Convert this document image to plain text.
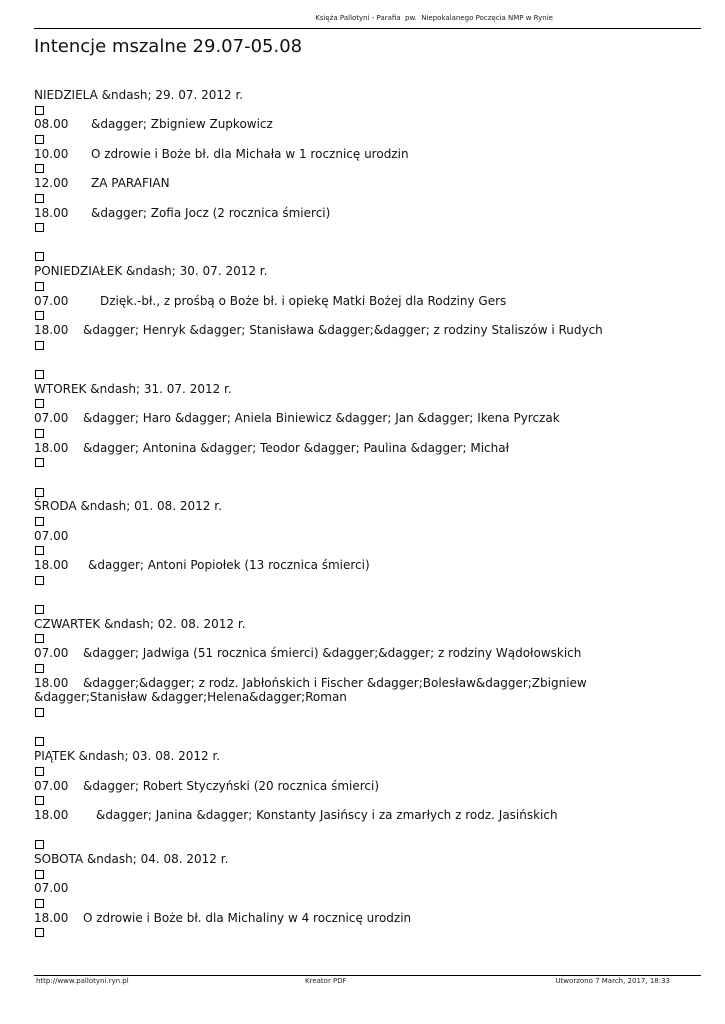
Księża Pallotyni - Parafia  pw.  Niepokalanego Poczęcia NMP w Rynie
Intencje mszalne 29.07-05.08
NIEDZIELA &ndash; 29. 07. 2012 r.
08.00 &dagger; Zbigniew Zupkowicz
10.00 O zdrowie i Boże bł. dla Michała w 1 rocznicę urodzin
12.00 ZA PARAFIAN
18.00 &dagger; Zofia Jocz (2 rocznica śmierci)
PONIEDZIAŁEK &ndash; 30. 07. 2012 r.
07.00	Dzięk.-bł., z prośbą o Boże bł. i opiekę Matki Bożej dla Rodziny Gers
18.00 &dagger; Henryk &dagger; Stanisława &dagger;&dagger; z rodziny Staliszów i Rudych
WTOREK &ndash; 31. 07. 2012 r.
07.00 &dagger; Haro &dagger; Aniela Biniewicz &dagger; Jan &dagger; Ikena Pyrczak
18.00 &dagger; Antonina &dagger; Teodor &dagger; Paulina &dagger; Michał
ŚRODA &ndash; 01. 08. 2012 r.
07.00
18.00 &dagger; Antoni Popiołek (13 rocznica śmierci)
CZWARTEK &ndash; 02. 08. 2012 r.
07.00 &dagger; Jadwiga (51 rocznica śmierci) &dagger;&dagger; z rodziny Wądołowskich
18.00 &dagger;&dagger; z rodz. Jabłońskich i Fischer &dagger;Bolesław&dagger;Zbigniew &dagger;Stanisław &dagger;Helena&dagger;Roman
PIĄTEK &ndash; 03. 08. 2012 r.
07.00 &dagger; Robert Styczyński (20 rocznica śmierci)
18.00 &dagger; Janina &dagger; Konstanty Jasińscy i za zmarłych z rodz. Jasińskich
SOBOTA &ndash; 04. 08. 2012 r.
07.00
18.00 O zdrowie i Boże bł. dla Michaliny w 4 rocznicę urodzin
http://www.pallotyni.ryn.pl	Kreator PDF	Utworzono 7 March, 2017, 18:33
